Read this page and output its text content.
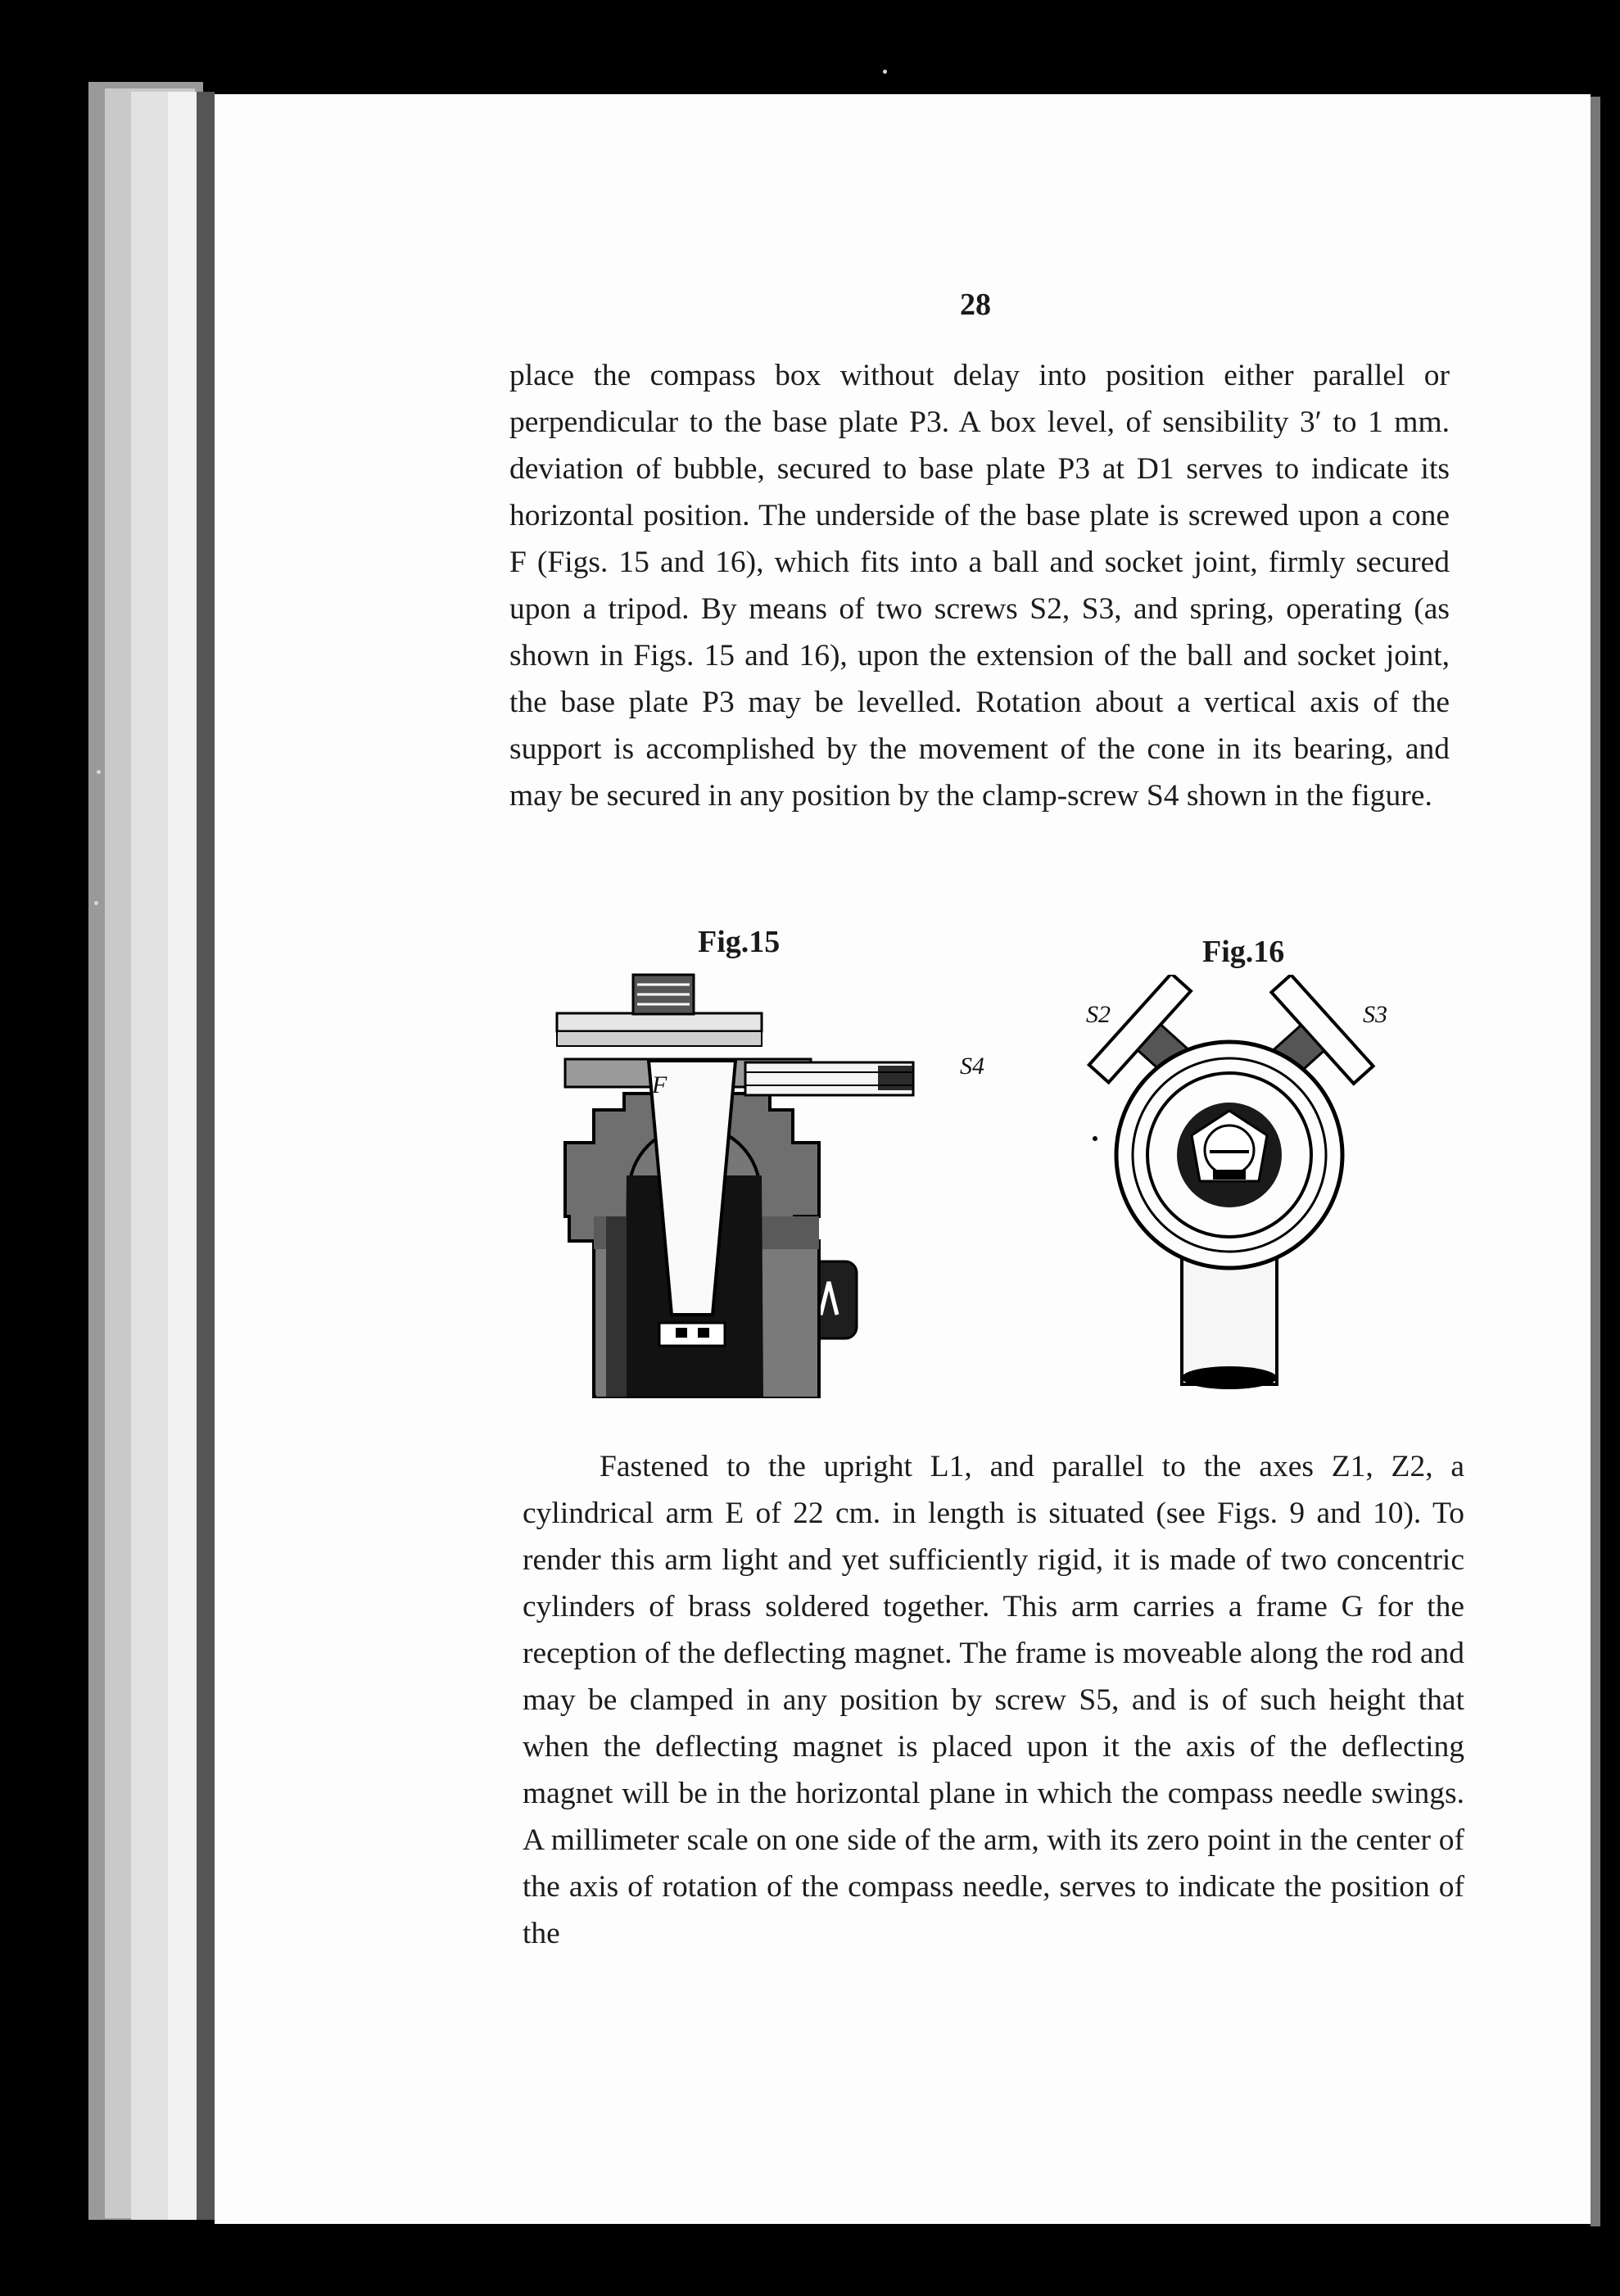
28
place the compass box without delay into position either parallel or perpendicular to the base plate P3. A box level, of sensibility 3′ to 1 mm. deviation of bubble, secured to base plate P3 at D1 serves to indicate its horizontal position. The underside of the base plate is screwed upon a cone F (Figs. 15 and 16), which fits into a ball and socket joint, firmly secured upon a tripod. By means of two screws S2, S3, and spring, operating (as shown in Figs. 15 and 16), upon the extension of the ball and socket joint, the base plate P3 may be levelled. Rotation about a vertical axis of the support is accomplished by the movement of the cone in its bearing, and may be secured in any position by the clamp-screw S4 shown in the figure.
Fig.15
F
S4
Fig.16
S2	S3
Fastened to the upright L1, and parallel to the axes Z1, Z2, a cylindrical arm E of 22 cm. in length is situated (see Figs. 9 and 10). To render this arm light and yet sufficiently rigid, it is made of two concentric cylinders of brass soldered together. This arm carries a frame G for the reception of the deflecting magnet. The frame is moveable along the rod and may be clamped in any position by screw S5, and is of such height that when the deflecting magnet is placed upon it the axis of the deflecting magnet will be in the horizontal plane in which the compass needle swings. A millimeter scale on one side of the arm, with its zero point in the center of the axis of rotation of the compass needle, serves to indicate the position of the
